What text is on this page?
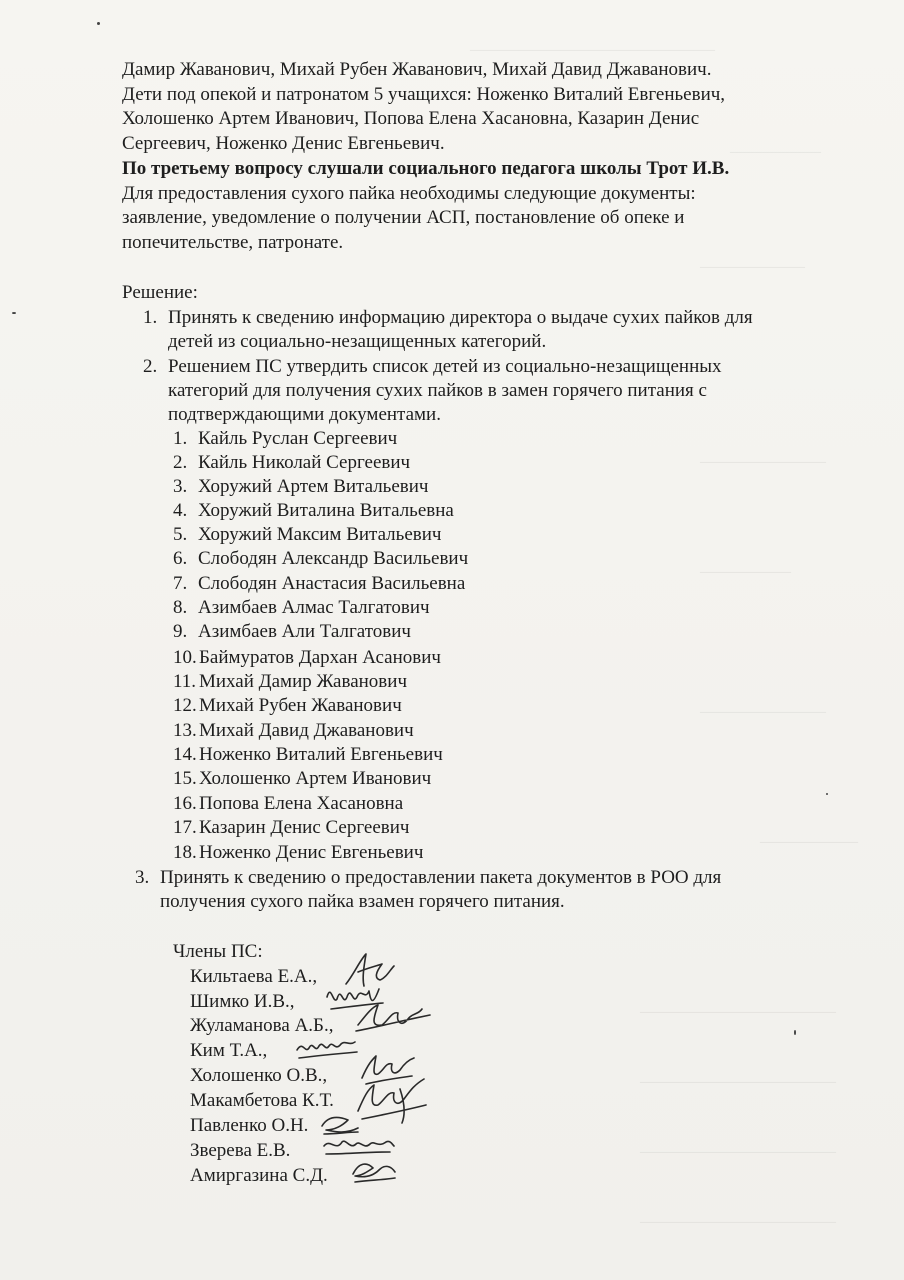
___________________________________
_____________
_______________
__________________
_____________
__________________
______________
____________________________
____________________________
____________________________
____________________________
Дамир Жаванович, Михай Рубен Жаванович, Михай Давид Джаванович.
Дети под опекой и патронатом 5 учащихся: Ноженко Виталий Евгеньевич,
Холошенко Артем Иванович, Попова Елена Хасановна, Казарин Денис
Сергеевич, Ноженко Денис Евгеньевич.
По третьему вопросу слушали социального педагога школы Трот И.В.
Для предоставления сухого пайка необходимы следующие документы:
заявление, уведомление о получении АСП, постановление об опеке и
попечительстве, патронате.
Решение:
1. Принять к сведению информацию директора о выдаче сухих пайков для
детей из социально-незащищенных категорий.
2. Решением ПС утвердить список детей из социально-незащищенных
категорий для получения сухих пайков в замен горячего питания с
подтверждающими документами.
1. Кайль Руслан Сергеевич
2. Кайль Николай Сергеевич
3. Хоружий Артем Витальевич
4. Хоружий Виталина Витальевна
5. Хоружий Максим Витальевич
6. Слободян Александр Васильевич
7. Слободян Анастасия Васильевна
8. Азимбаев Алмас Талгатович
9. Азимбаев Али Талгатович
10. Баймуратов Дархан Асанович
11. Михай Дамир Жаванович
12. Михай Рубен Жаванович
13. Михай Давид Джаванович
14. Ноженко Виталий Евгеньевич
15. Холошенко Артем Иванович
16. Попова Елена Хасановна
17. Казарин Денис Сергеевич
18. Ноженко Денис Евгеньевич
3. Принять к сведению о предоставлении пакета документов в РОО для
получения сухого пайка взамен горячего питания.
Члены ПС:
Кильтаева Е.А.,
Шимко И.В.,
Жуламанова А.Б.,
Ким Т.А.,
Холошенко О.В.,
Макамбетова К.Т.
Павленко О.Н.
Зверева Е.В.
Амиргазина С.Д.
